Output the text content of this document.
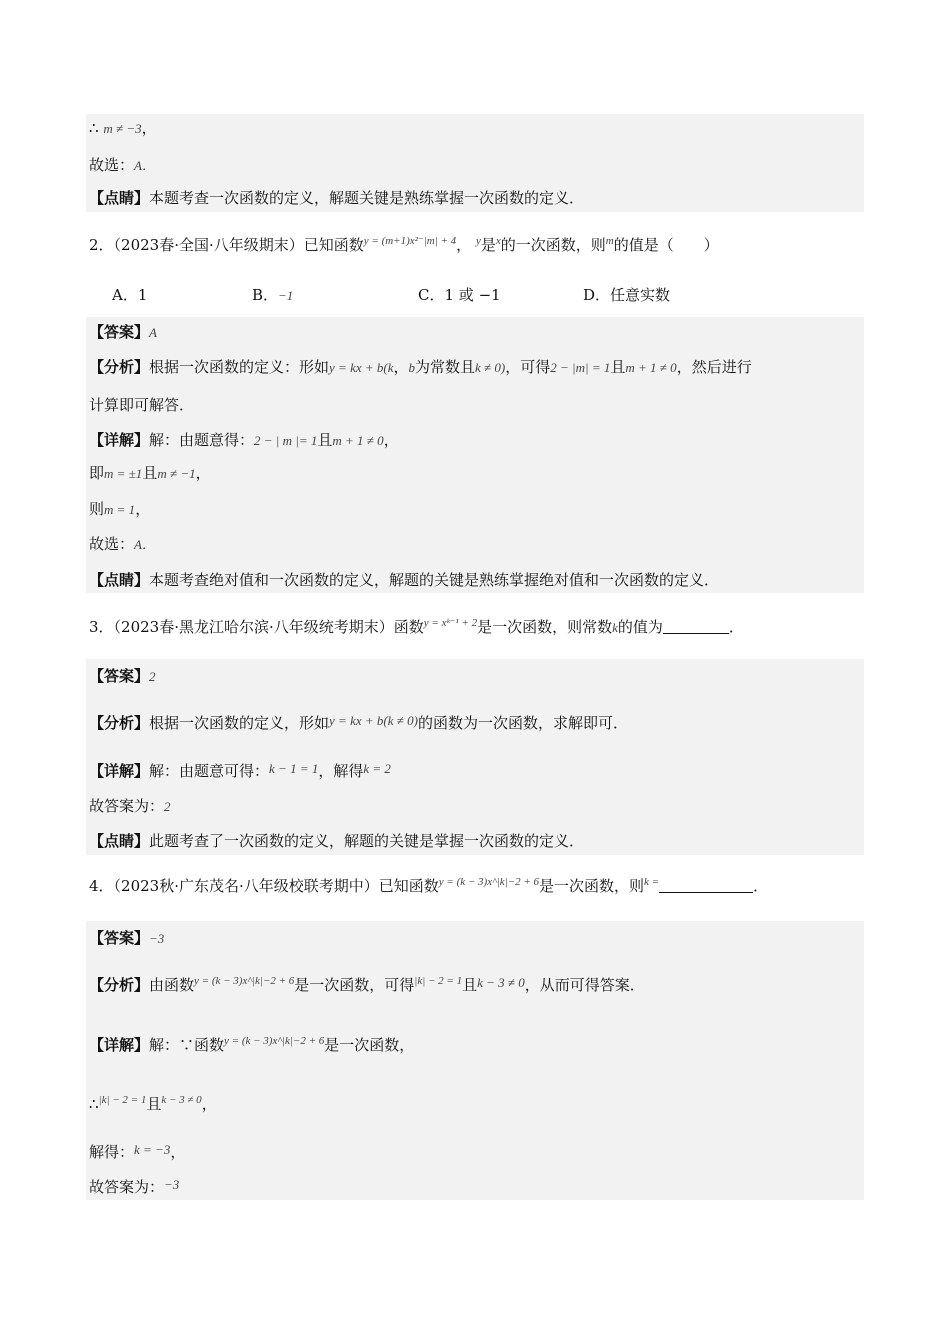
∴ m ≠ −3，
故选：A．
【点睛】本题考查一次函数的定义，解题关键是熟练掌握一次函数的定义．
2．（2023春·全国·八年级期末）已知函数$^{y = (m+1)x^{2-}|m| + 4}$， $^y$是$^x$的一次函数，则$^m$的值是（　　）
A．1	B．−1	C．1 或 −1	D．任意实数
【答案】A
【分析】根据一次函数的定义：形如y = kx + b(k，b为常数且k ≠ 0)，可得2 − |m| = 1且m + 1 ≠ 0，然后进行
计算即可解答．
【详解】解：由题意得：2 − | m |= 1且m + 1 ≠ 0，
即m = ±1且m ≠ −1，
则m = 1，
故选：A．
【点睛】本题考查绝对值和一次函数的定义，解题的关键是熟练掌握绝对值和一次函数的定义．
3．（2023春·黑龙江哈尔滨·八年级统考期末）函数$^{y = xᵏ^{-1} + 2}$是一次函数，则常数k的值为	．
【答案】2
【分析】根据一次函数的定义，形如y = kx + b(k ≠ 0)的函数为一次函数，求解即可．
【详解】解：由题意可得：k − 1 = 1，解得k = 2
故答案为：2
【点睛】此题考查了一次函数的定义，解题的关键是掌握一次函数的定义．
4．（2023秋·广东茂名·八年级校联考期中）已知函数$^{y = (k - 3)x\^{}|k|-2 + 6}$是一次函数，则$^{k =}$	．
【答案】−3
【分析】由函数$^{y = (k - 3)x\^{}|k|-2 + 6}$是一次函数，可得$^{|k| - 2 = 1}$且k − 3 ≠ 0，从而可得答案．
【详解】解：∵函数$^{y = (k - 3)x\^{}|k|-2 + 6}$是一次函数，
∴$^{|k| - 2 = 1}$且$^{k - 3 \ne 0}$，
解得：k = −3，
故答案为：−3
